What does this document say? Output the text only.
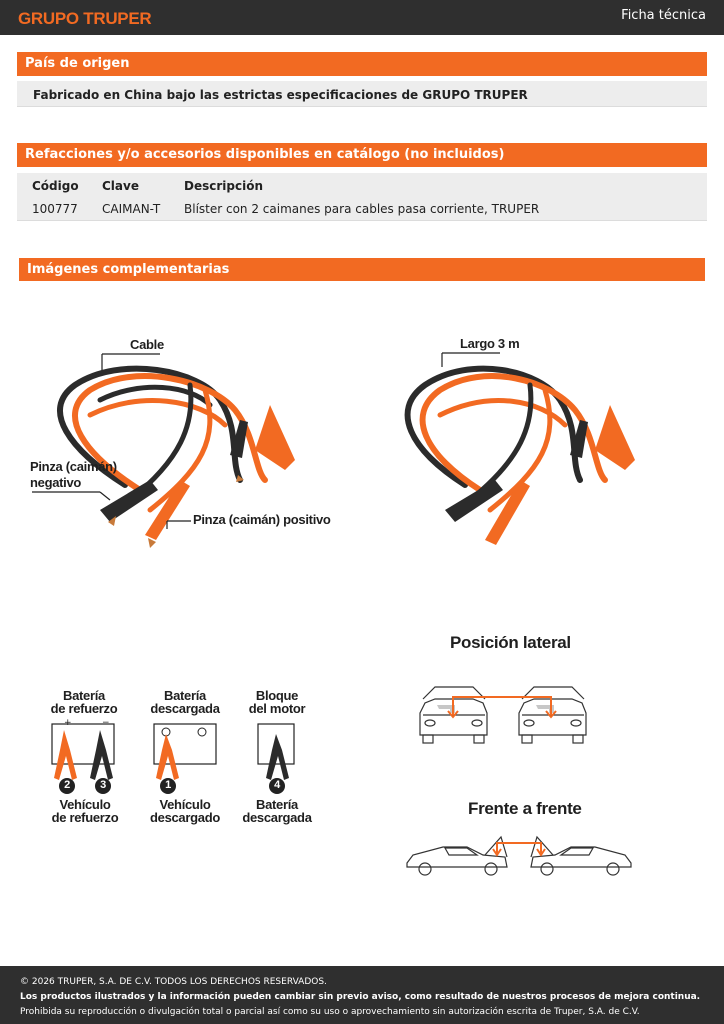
GRUPO TRUPER	Ficha técnica
País de origen
Fabricado en China bajo las estrictas especificaciones de GRUPO TRUPER
Refacciones y/o accesorios disponibles en catálogo (no incluidos)
Código Clave	Descripción
100777 CAIMAN-T Blíster con 2 caimanes para cables pasa corriente, TRUPER
Imágenes complementarias
Cable
Pinza (caimán)
negativo
Pinza (caimán) positivo
Largo 3 m
Batería
de refuerzo
Batería
descargada
Bloque
del motor
+	−
2	3	1	4
Vehículo
de refuerzo
Vehículo
descargado
Batería
descargada
Posición lateral
Frente a frente
© 2026 TRUPER, S.A. DE C.V. TODOS LOS DERECHOS RESERVADOS.
Los productos ilustrados y la información pueden cambiar sin previo aviso, como resultado de nuestros procesos de mejora continua.
Prohibida su reproducción o divulgación total o parcial así como su uso o aprovechamiento sin autorización escrita de Truper, S.A. de C.V.
